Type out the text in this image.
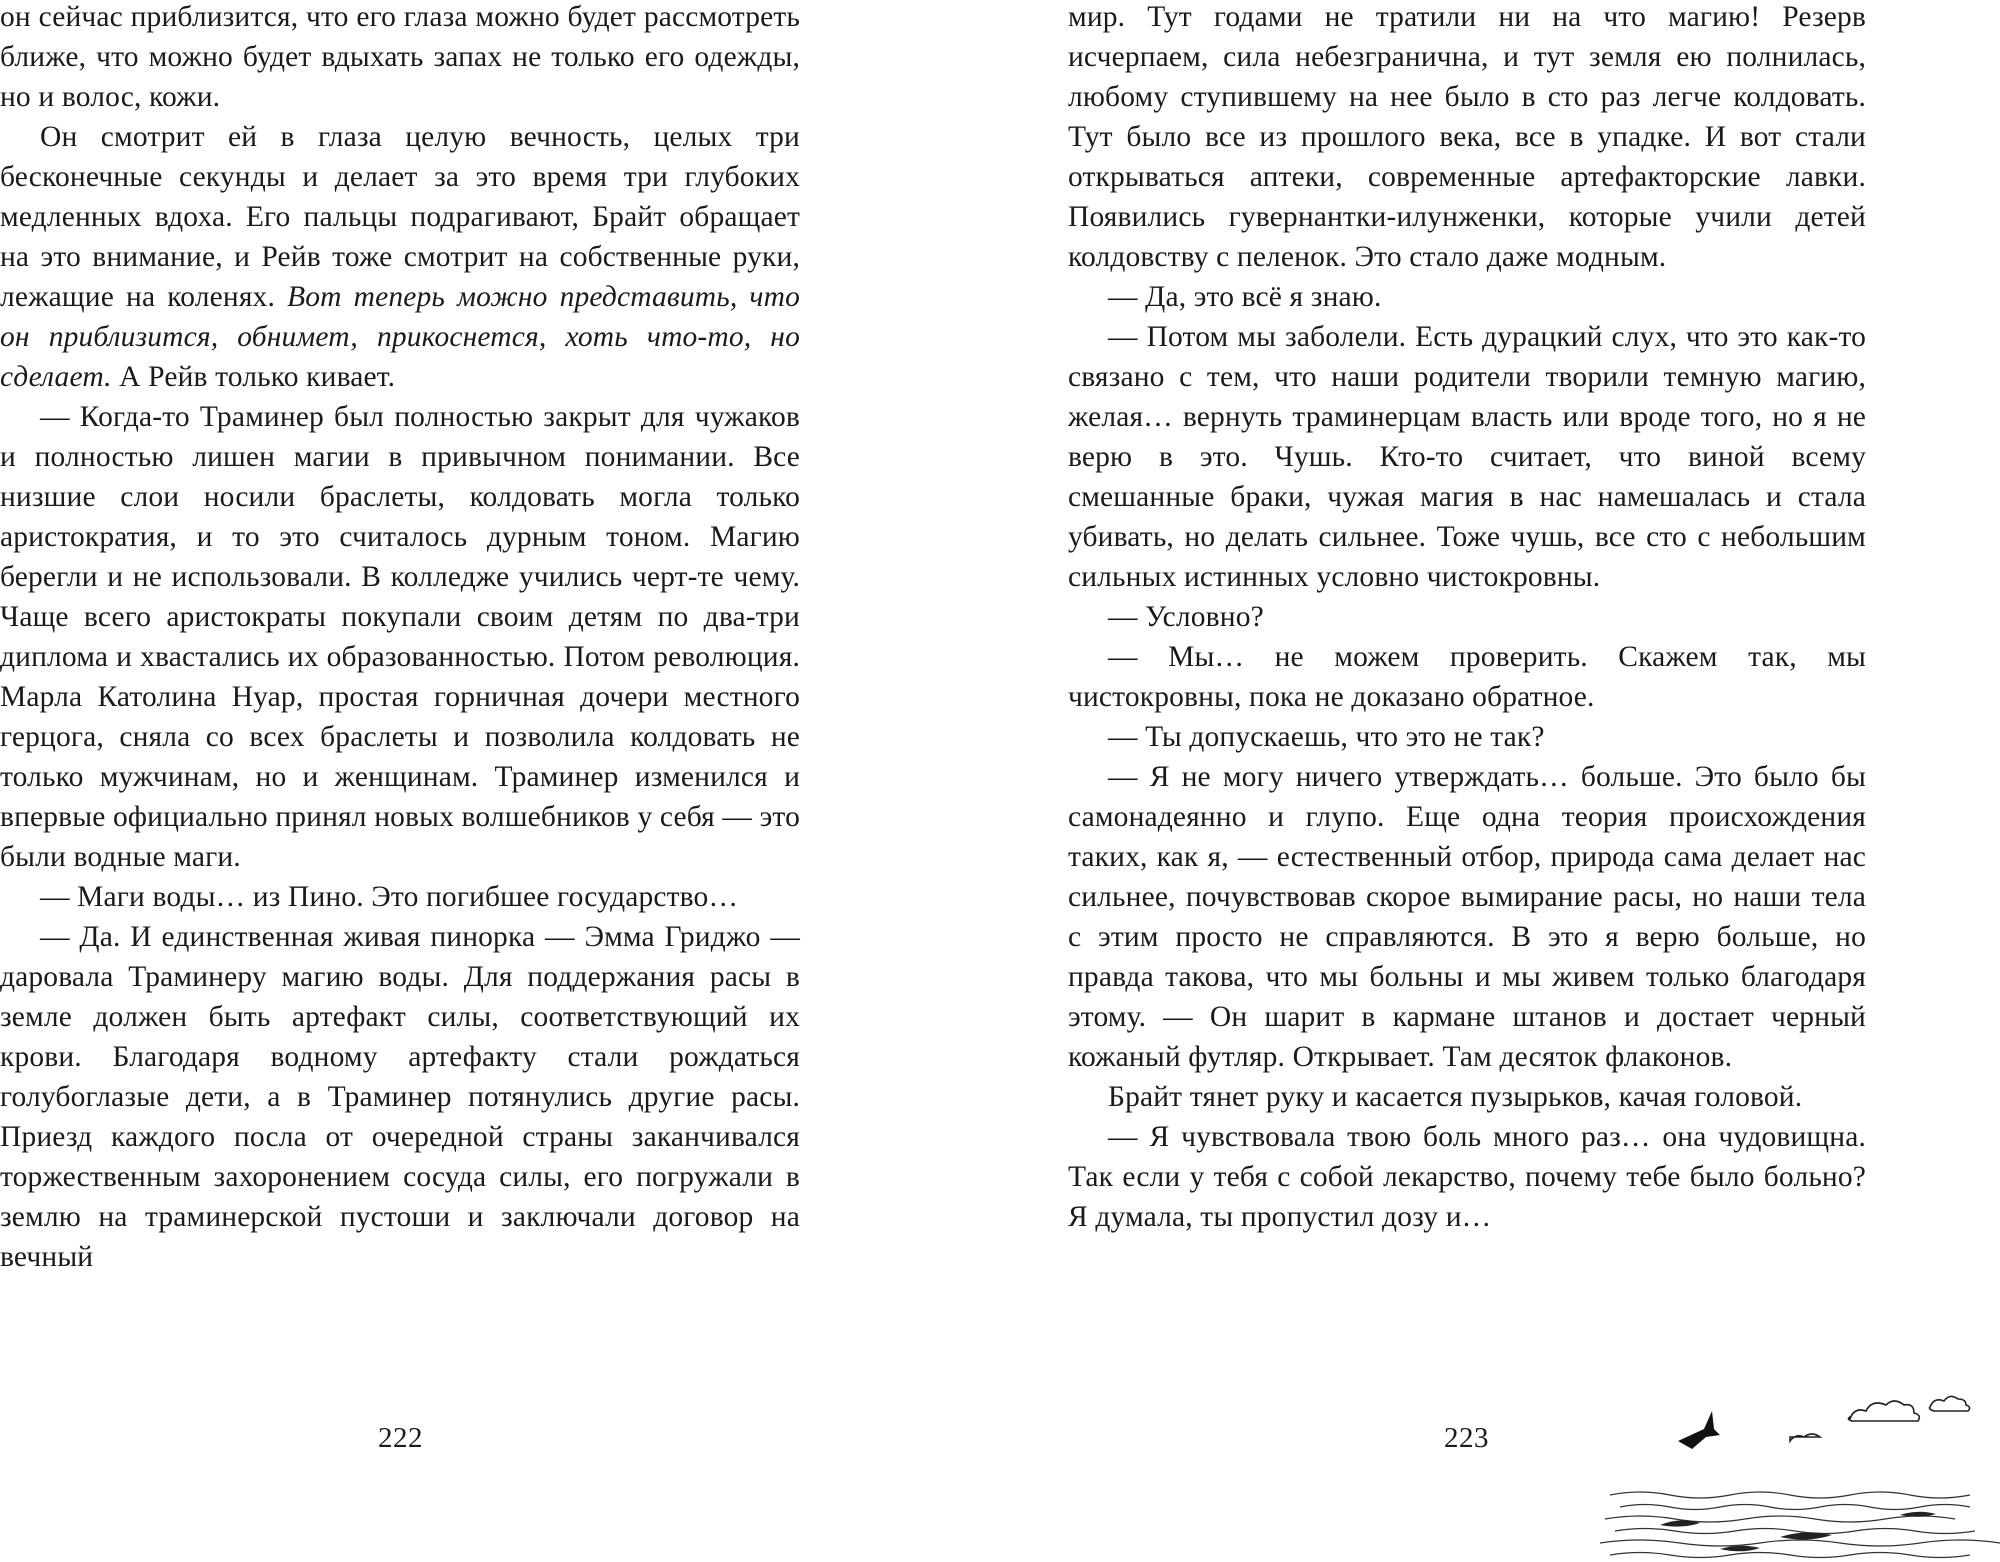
он сейчас приблизится, что его глаза можно будет рассмотреть ближе, что можно будет вдыхать запах не только его одежды, но и волос, кожи.

Он смотрит ей в глаза целую вечность, целых три бесконечные секунды и делает за это время три глубоких медленных вдоха. Его пальцы подрагивают, Брайт обращает на это внимание, и Рейв тоже смотрит на собственные руки, лежащие на коленях. Вот теперь можно представить, что он приблизится, обнимет, прикоснется, хоть что-то, но сделает. А Рейв только кивает.

— Когда-то Траминер был полностью закрыт для чужаков и полностью лишен магии в привычном понимании. Все низшие слои носили браслеты, колдовать могла только аристократия, и то это считалось дурным тоном. Магию берегли и не использовали. В колледже учились черт-те чему. Чаще всего аристократы покупали своим детям по два-три диплома и хвастались их образованностью. Потом революция. Марла Католина Нуар, простая горничная дочери местного герцога, сняла со всех браслеты и позволила колдовать не только мужчинам, но и женщинам. Траминер изменился и впервые официально принял новых волшебников у себя — это были водные маги.

— Маги воды… из Пино. Это погибшее государство…

— Да. И единственная живая пинорка — Эмма Гриджо — даровала Траминеру магию воды. Для поддержания расы в земле должен быть артефакт силы, соответствующий их крови. Благодаря водному артефакту стали рождаться голубоглазые дети, а в Траминер потянулись другие расы. Приезд каждого посла от очередной страны заканчивался торжественным захоронением сосуда силы, его погружали в землю на траминерской пустоши и заключали договор на вечный

222

мир. Тут годами не тратили ни на что магию! Резерв исчерпаем, сила небезгранична, и тут земля ею полнилась, любому ступившему на нее было в сто раз легче колдовать. Тут было все из прошлого века, все в упадке. И вот стали открываться аптеки, современные артефакторские лавки. Появились гувернантки-илунженки, которые учили детей колдовству с пеленок. Это стало даже модным.

— Да, это всё я знаю.

— Потом мы заболели. Есть дурацкий слух, что это как-то связано с тем, что наши родители творили темную магию, желая… вернуть траминерцам власть или вроде того, но я не верю в это. Чушь. Кто-то считает, что виной всему смешанные браки, чужая магия в нас намешалась и стала убивать, но делать сильнее. Тоже чушь, все сто с небольшим сильных истинных условно чистокровны.

— Условно?

— Мы… не можем проверить. Скажем так, мы чистокровны, пока не доказано обратное.

— Ты допускаешь, что это не так?

— Я не могу ничего утверждать… больше. Это было бы самонадеянно и глупо. Еще одна теория происхождения таких, как я, — естественный отбор, природа сама делает нас сильнее, почувствовав скорое вымирание расы, но наши тела с этим просто не справляются. В это я верю больше, но правда такова, что мы больны и мы живем только благодаря этому. — Он шарит в кармане штанов и достает черный кожаный футляр. Открывает. Там десяток флаконов.

Брайт тянет руку и касается пузырьков, качая головой.

— Я чувствовала твою боль много раз… она чудовищна. Так если у тебя с собой лекарство, почему тебе было больно? Я думала, ты пропустил дозу и…

223
